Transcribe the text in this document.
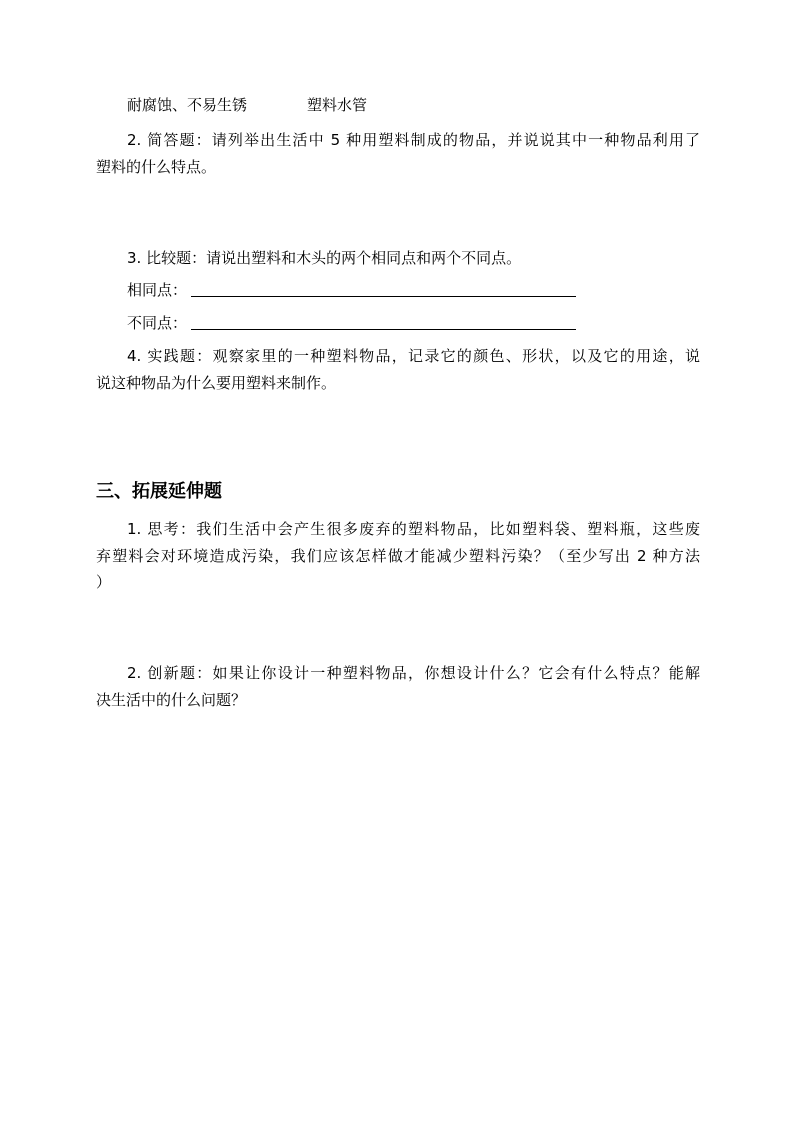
耐腐蚀、不易生锈	塑料水管
2. 简答题：请列举出生活中 5 种用塑料制成的物品，并说说其中一种物品利用了
塑料的什么特点。
3. 比较题：请说出塑料和木头的两个相同点和两个不同点。
相同点：
不同点：
4. 实践题：观察家里的一种塑料物品，记录它的颜色、形状，以及它的用途，说
说这种物品为什么要用塑料来制作。
三、拓展延伸题
1. 思考：我们生活中会产生很多废弃的塑料物品，比如塑料袋、塑料瓶，这些废
弃塑料会对环境造成污染，我们应该怎样做才能减少塑料污染？（至少写出 2 种方法
）
2. 创新题：如果让你设计一种塑料物品，你想设计什么？它会有什么特点？能解
决生活中的什么问题？
